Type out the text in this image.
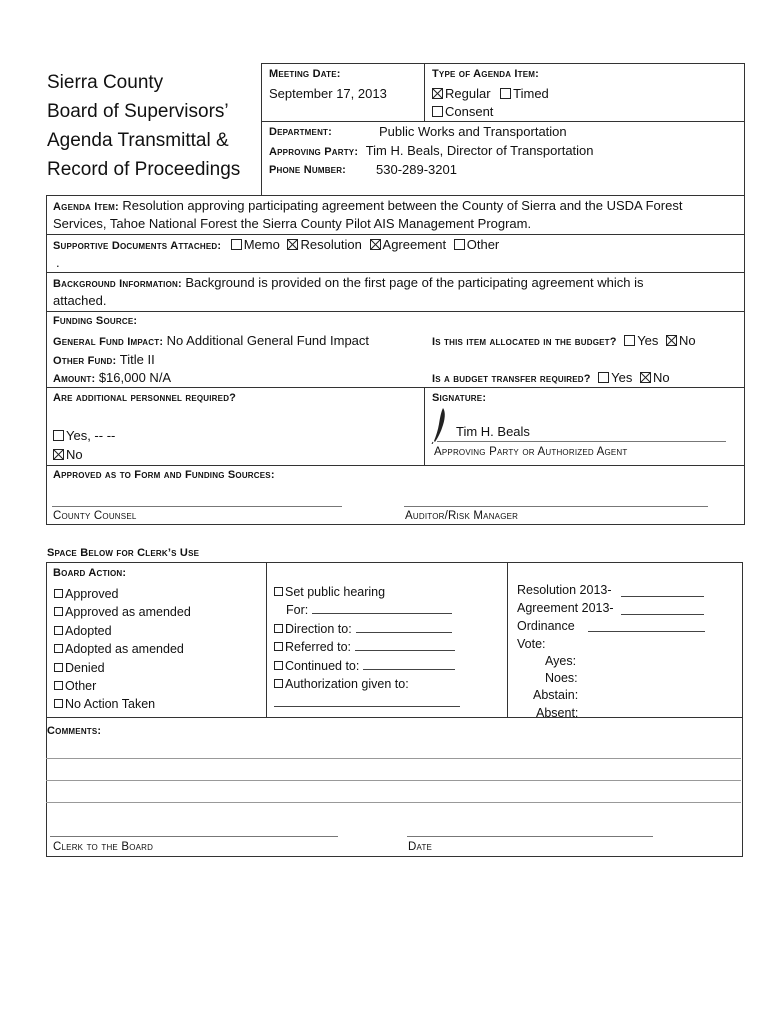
Sierra County
Board of Supervisors’
Agenda Transmittal &
Record of Proceedings
Meeting Date:
September 17, 2013
Type of Agenda Item:
Regular Timed
Consent
Department:	Public Works and Transportation
Approving Party: Tim H. Beals, Director of Transportation
Phone Number: 530-289-3201
Agenda Item: Resolution approving participating agreement between the County of Sierra and the USDA Forest
Services, Tahoe National Forest the Sierra County Pilot AIS Management Program.
Supportive Documents Attached: Memo Resolution Agreement Other
.
Background Information: Background is provided on the first page of the participating agreement which is
attached.
Funding Source:
General Fund Impact: No Additional General Fund Impact
Other Fund: Title II
Amount: $16,000 N/A
Is this item allocated in the budget? Yes No
Is a budget transfer required? Yes No
Are additional personnel required?
Yes, -- --
No
Signature:
Tim H. Beals
Approving Party or Authorized Agent
Approved as to Form and Funding Sources:
County Counsel	Auditor/Risk Manager
Space Below for Clerk’s Use
Board Action:
Approved
Approved as amended
Adopted
Adopted as amended
Denied
Other
No Action Taken
Set public hearing
For:
Direction to:
Referred to:
Continued to:
Authorization given to:
Resolution 2013-
Agreement 2013-
Ordinance
Vote:
Ayes:
Noes:
Abstain:
Absent:
Comments:
Clerk to the Board	Date
